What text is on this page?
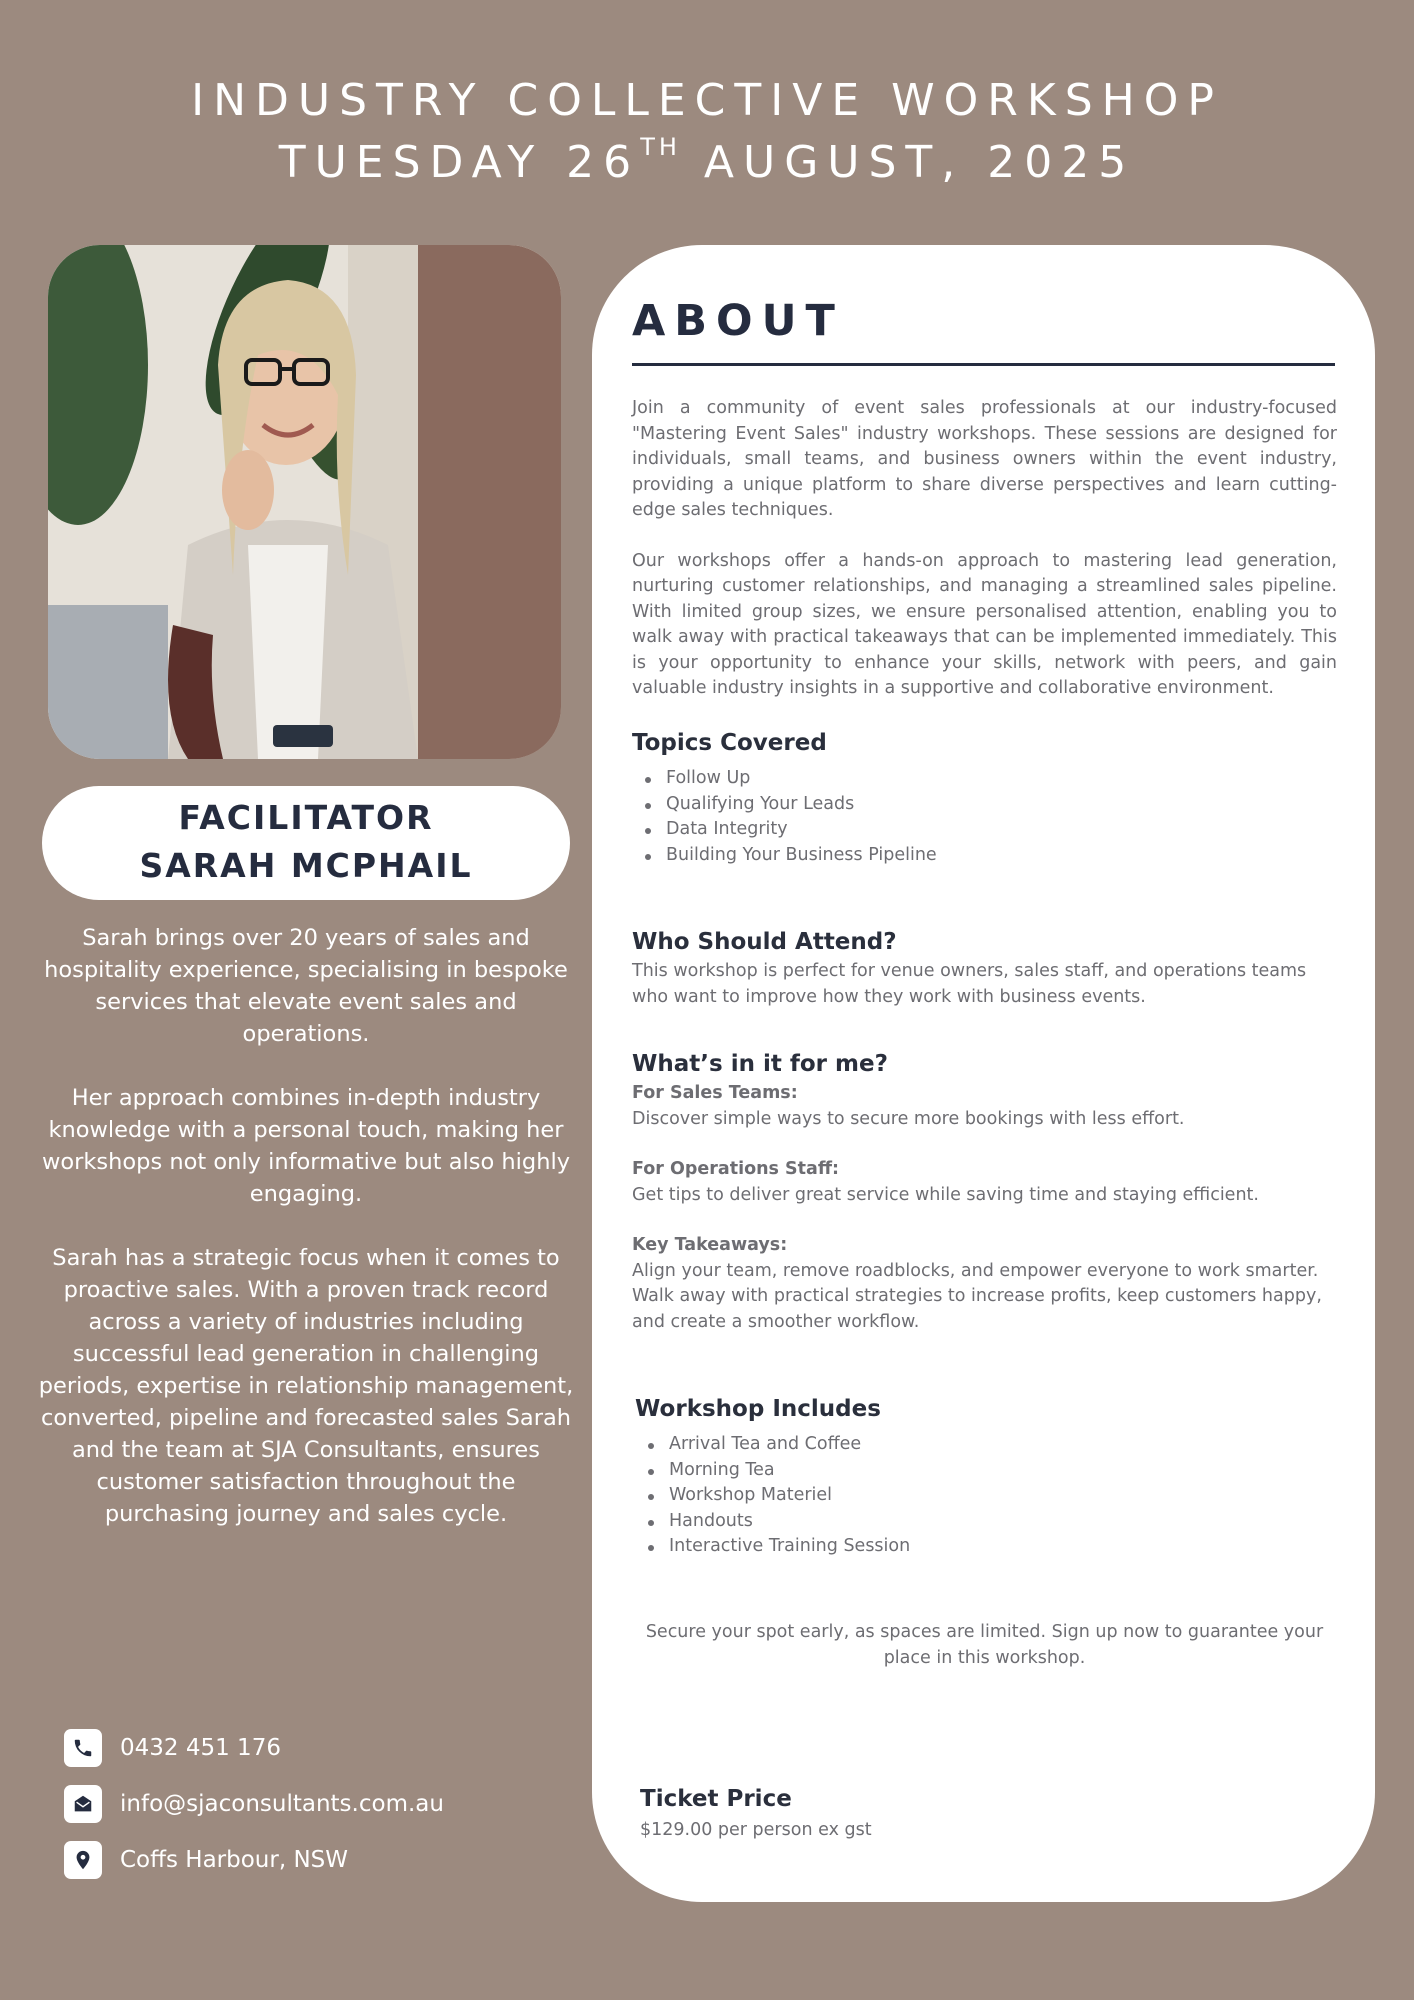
INDUSTRY COLLECTIVE WORKSHOP
TUESDAY 26TH AUGUST, 2025
FACILITATOR
SARAH MCPHAIL

Sarah brings over 20 years of sales and hospitality experience, specialising in bespoke services that elevate event sales and operations.

Her approach combines in-depth industry knowledge with a personal touch, making her workshops not only informative but also highly engaging.

Sarah has a strategic focus when it comes to proactive sales. With a proven track record across a variety of industries including successful lead generation in challenging periods, expertise in relationship management, converted, pipeline and forecasted sales Sarah and the team at SJA Consultants, ensures customer satisfaction throughout the purchasing journey and sales cycle.

0432 451 176
info@sjaconsultants.com.au
Coffs Harbour, NSW
ABOUT

Join a community of event sales professionals at our industry-focused "Mastering Event Sales" industry workshops. These sessions are designed for individuals, small teams, and business owners within the event industry, providing a unique platform to share diverse perspectives and learn cutting-edge sales techniques.

Our workshops offer a hands-on approach to mastering lead generation, nurturing customer relationships, and managing a streamlined sales pipeline. With limited group sizes, we ensure personalised attention, enabling you to walk away with practical takeaways that can be implemented immediately. This is your opportunity to enhance your skills, network with peers, and gain valuable industry insights in a supportive and collaborative environment.

Topics Covered
Follow Up
Qualifying Your Leads
Data Integrity
Building Your Business Pipeline
Who Should Attend?
This workshop is perfect for venue owners, sales staff, and operations teams who want to improve how they work with business events.
What’s in it for me?

For Sales Teams:
Discover simple ways to secure more bookings with less effort.

For Operations Staff:
Get tips to deliver great service while saving time and staying efficient.

Key Takeaways:
Align your team, remove roadblocks, and empower everyone to work smarter. Walk away with practical strategies to increase profits, keep customers happy, and create a smoother workflow.

Workshop Includes
Arrival Tea and Coffee
Morning Tea
Workshop Materiel
Handouts
Interactive Training Session
Secure your spot early, as spaces are limited. Sign up now to guarantee your place in this workshop.
Ticket Price
$129.00 per person ex gst
